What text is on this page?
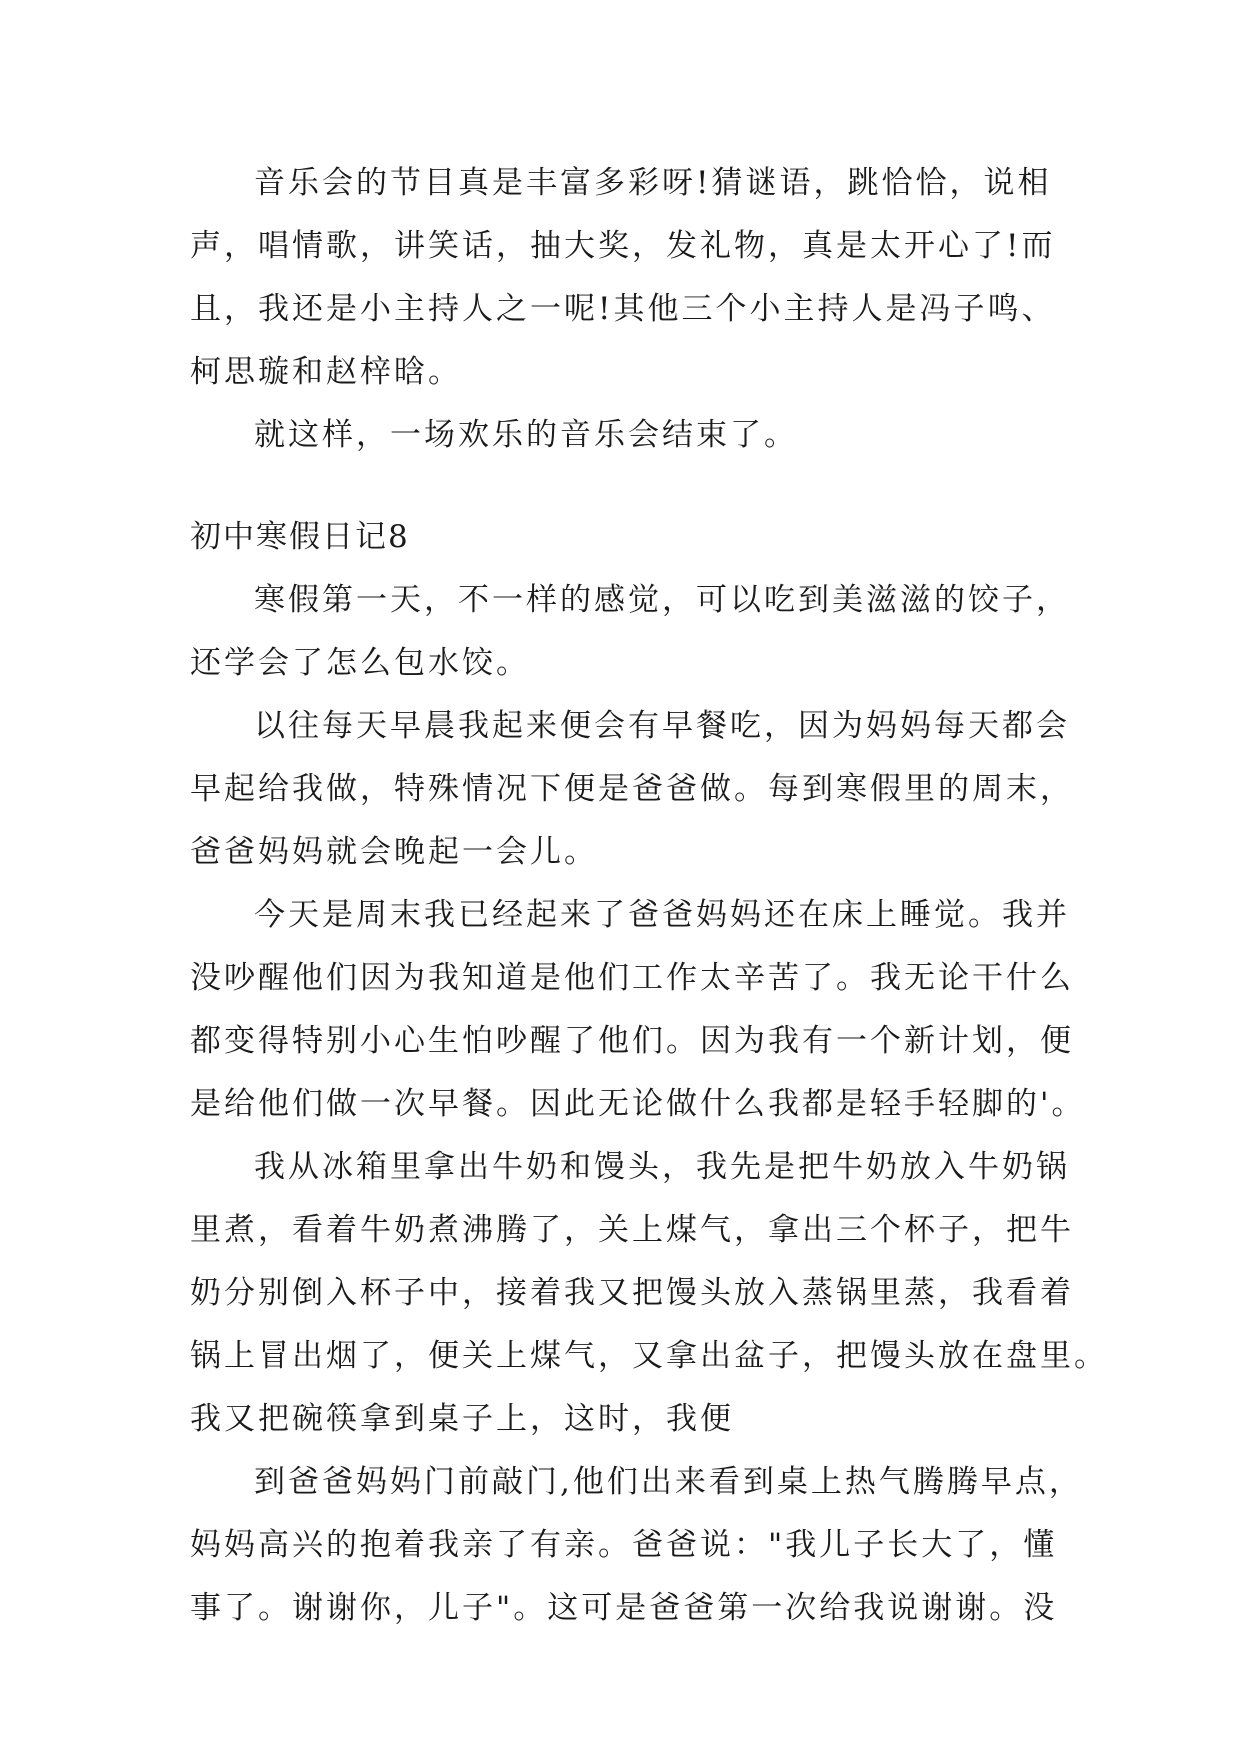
音乐会的节目真是丰富多彩呀!猜谜语，跳恰恰，说相
声，唱情歌，讲笑话，抽大奖，发礼物，真是太开心了!而
且，我还是小主持人之一呢!其他三个小主持人是冯子鸣、
柯思璇和赵梓晗。
就这样，一场欢乐的音乐会结束了。
初中寒假日记8
寒假第一天，不一样的感觉，可以吃到美滋滋的饺子，
还学会了怎么包水饺。
以往每天早晨我起来便会有早餐吃，因为妈妈每天都会
早起给我做，特殊情况下便是爸爸做。每到寒假里的周末，
爸爸妈妈就会晚起一会儿。
今天是周末我已经起来了爸爸妈妈还在床上睡觉。我并
没吵醒他们因为我知道是他们工作太辛苦了。我无论干什么
都变得特别小心生怕吵醒了他们。因为我有一个新计划，便
是给他们做一次早餐。因此无论做什么我都是轻手轻脚的'。
我从冰箱里拿出牛奶和馒头，我先是把牛奶放入牛奶锅
里煮，看着牛奶煮沸腾了，关上煤气，拿出三个杯子，把牛
奶分别倒入杯子中，接着我又把馒头放入蒸锅里蒸，我看着
锅上冒出烟了，便关上煤气，又拿出盆子，把馒头放在盘里。
我又把碗筷拿到桌子上，这时，我便
到爸爸妈妈门前敲门,他们出来看到桌上热气腾腾早点，
妈妈高兴的抱着我亲了有亲。爸爸说："我儿子长大了，懂
事了。谢谢你，儿子"。这可是爸爸第一次给我说谢谢。没
